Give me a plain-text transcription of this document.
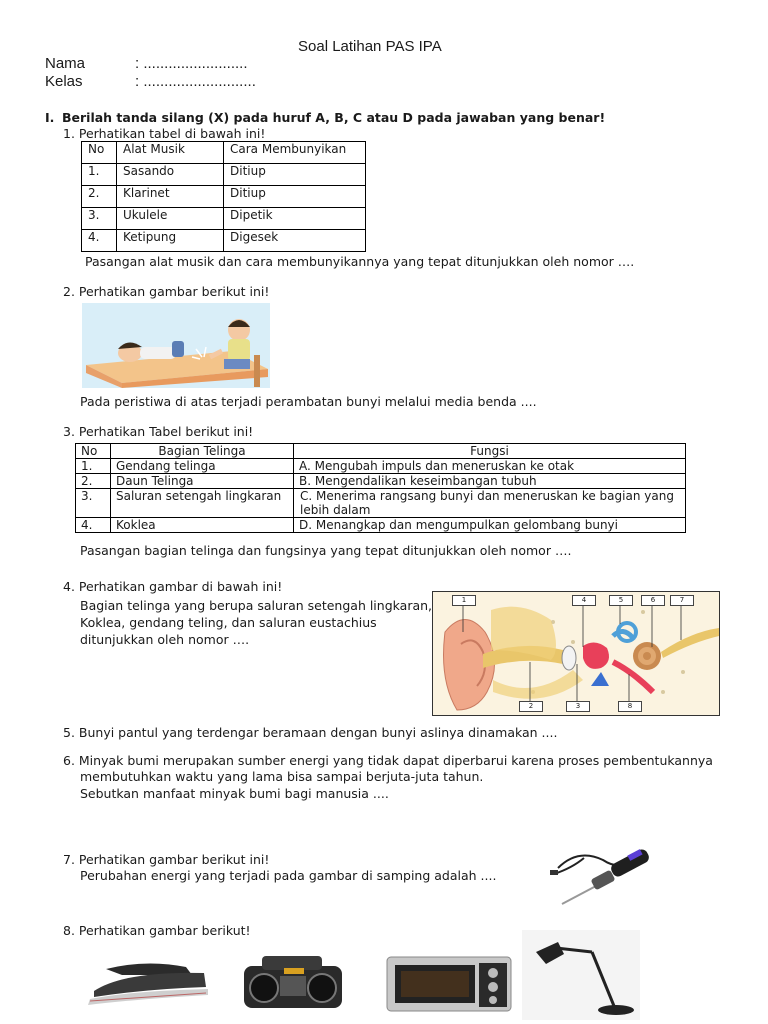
Soal Latihan PAS IPA
Nama	: .........................
Kelas	: ...........................
I. Berilah tanda silang (X) pada huruf A, B, C atau D pada jawaban yang benar!
1. Perhatikan tabel di bawah ini!
No	Alat Musik	Cara Membunyikan
1.	Sasando	Ditiup
2.	Klarinet	Ditiup
3.	Ukulele	Dipetik
4.	Ketipung	Digesek
Pasangan alat musik dan cara membunyikannya yang tepat ditunjukkan oleh nomor ….
2. Perhatikan gambar berikut ini!
Pada peristiwa di atas terjadi perambatan bunyi melalui media benda ....
3. Perhatikan Tabel berikut ini!
No	Bagian Telinga	Fungsi
1.	Gendang telinga	A. Mengubah impuls dan meneruskan ke otak
2.	Daun Telinga	B. Mengendalikan keseimbangan tubuh
3.	Saluran setengah lingkaran	C. Menerima rangsang bunyi dan meneruskan ke bagian yang lebih dalam
4.	Koklea	D. Menangkap dan mengumpulkan gelombang bunyi
Pasangan bagian telinga dan fungsinya yang tepat ditunjukkan oleh nomor ….
4. Perhatikan gambar di bawah ini!
Bagian telinga yang berupa saluran setengah lingkaran,
Koklea, gendang teling, dan saluran eustachius
ditunjukkan oleh nomor ….
1
2	3
4	5	6	7
8
5. Bunyi pantul yang terdengar beramaan dengan bunyi aslinya dinamakan ....
6. Minyak bumi merupakan sumber energi yang tidak dapat diperbarui karena proses pembentukannya
membutuhkan waktu yang lama bisa sampai berjuta-juta tahun.
Sebutkan manfaat minyak bumi bagi manusia ....
7. Perhatikan gambar berikut ini!
Perubahan energi yang terjadi pada gambar di samping adalah ....
8. Perhatikan gambar berikut!
